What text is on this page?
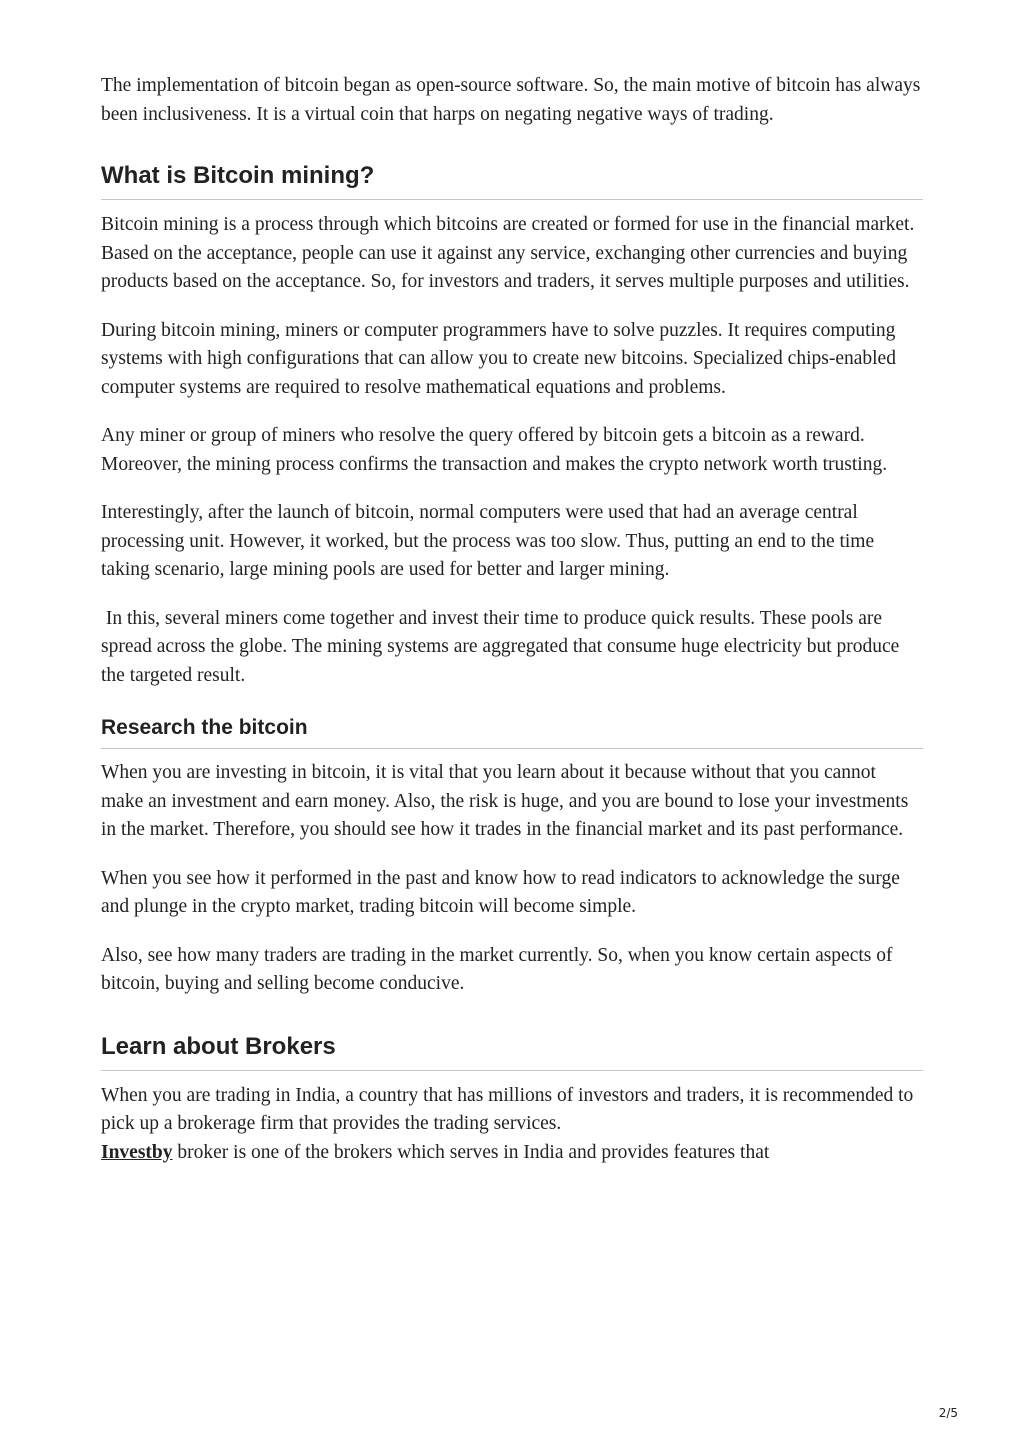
The implementation of bitcoin began as open-source software. So, the main motive of bitcoin has always been inclusiveness. It is a virtual coin that harps on negating negative ways of trading.

What is Bitcoin mining?

Bitcoin mining is a process through which bitcoins are created or formed for use in the financial market. Based on the acceptance, people can use it against any service, exchanging other currencies and buying products based on the acceptance. So, for investors and traders, it serves multiple purposes and utilities.

During bitcoin mining, miners or computer programmers have to solve puzzles. It requires computing systems with high configurations that can allow you to create new bitcoins. Specialized chips-enabled computer systems are required to resolve mathematical equations and problems.

Any miner or group of miners who resolve the query offered by bitcoin gets a bitcoin as a reward. Moreover, the mining process confirms the transaction and makes the crypto network worth trusting.

Interestingly, after the launch of bitcoin, normal computers were used that had an average central processing unit. However, it worked, but the process was too slow. Thus, putting an end to the time taking scenario, large mining pools are used for better and larger mining.

In this, several miners come together and invest their time to produce quick results. These pools are spread across the globe. The mining systems are aggregated that consume huge electricity but produce the targeted result.

Research the bitcoin

When you are investing in bitcoin, it is vital that you learn about it because without that you cannot make an investment and earn money. Also, the risk is huge, and you are bound to lose your investments in the market. Therefore, you should see how it trades in the financial market and its past performance.

When you see how it performed in the past and know how to read indicators to acknowledge the surge and plunge in the crypto market, trading bitcoin will become simple.

Also, see how many traders are trading in the market currently. So, when you know certain aspects of bitcoin, buying and selling become conducive.

Learn about Brokers

When you are trading in India, a country that has millions of investors and traders, it is recommended to pick up a brokerage firm that provides the trading services.
Investby broker is one of the brokers which serves in India and provides features that

2/5
